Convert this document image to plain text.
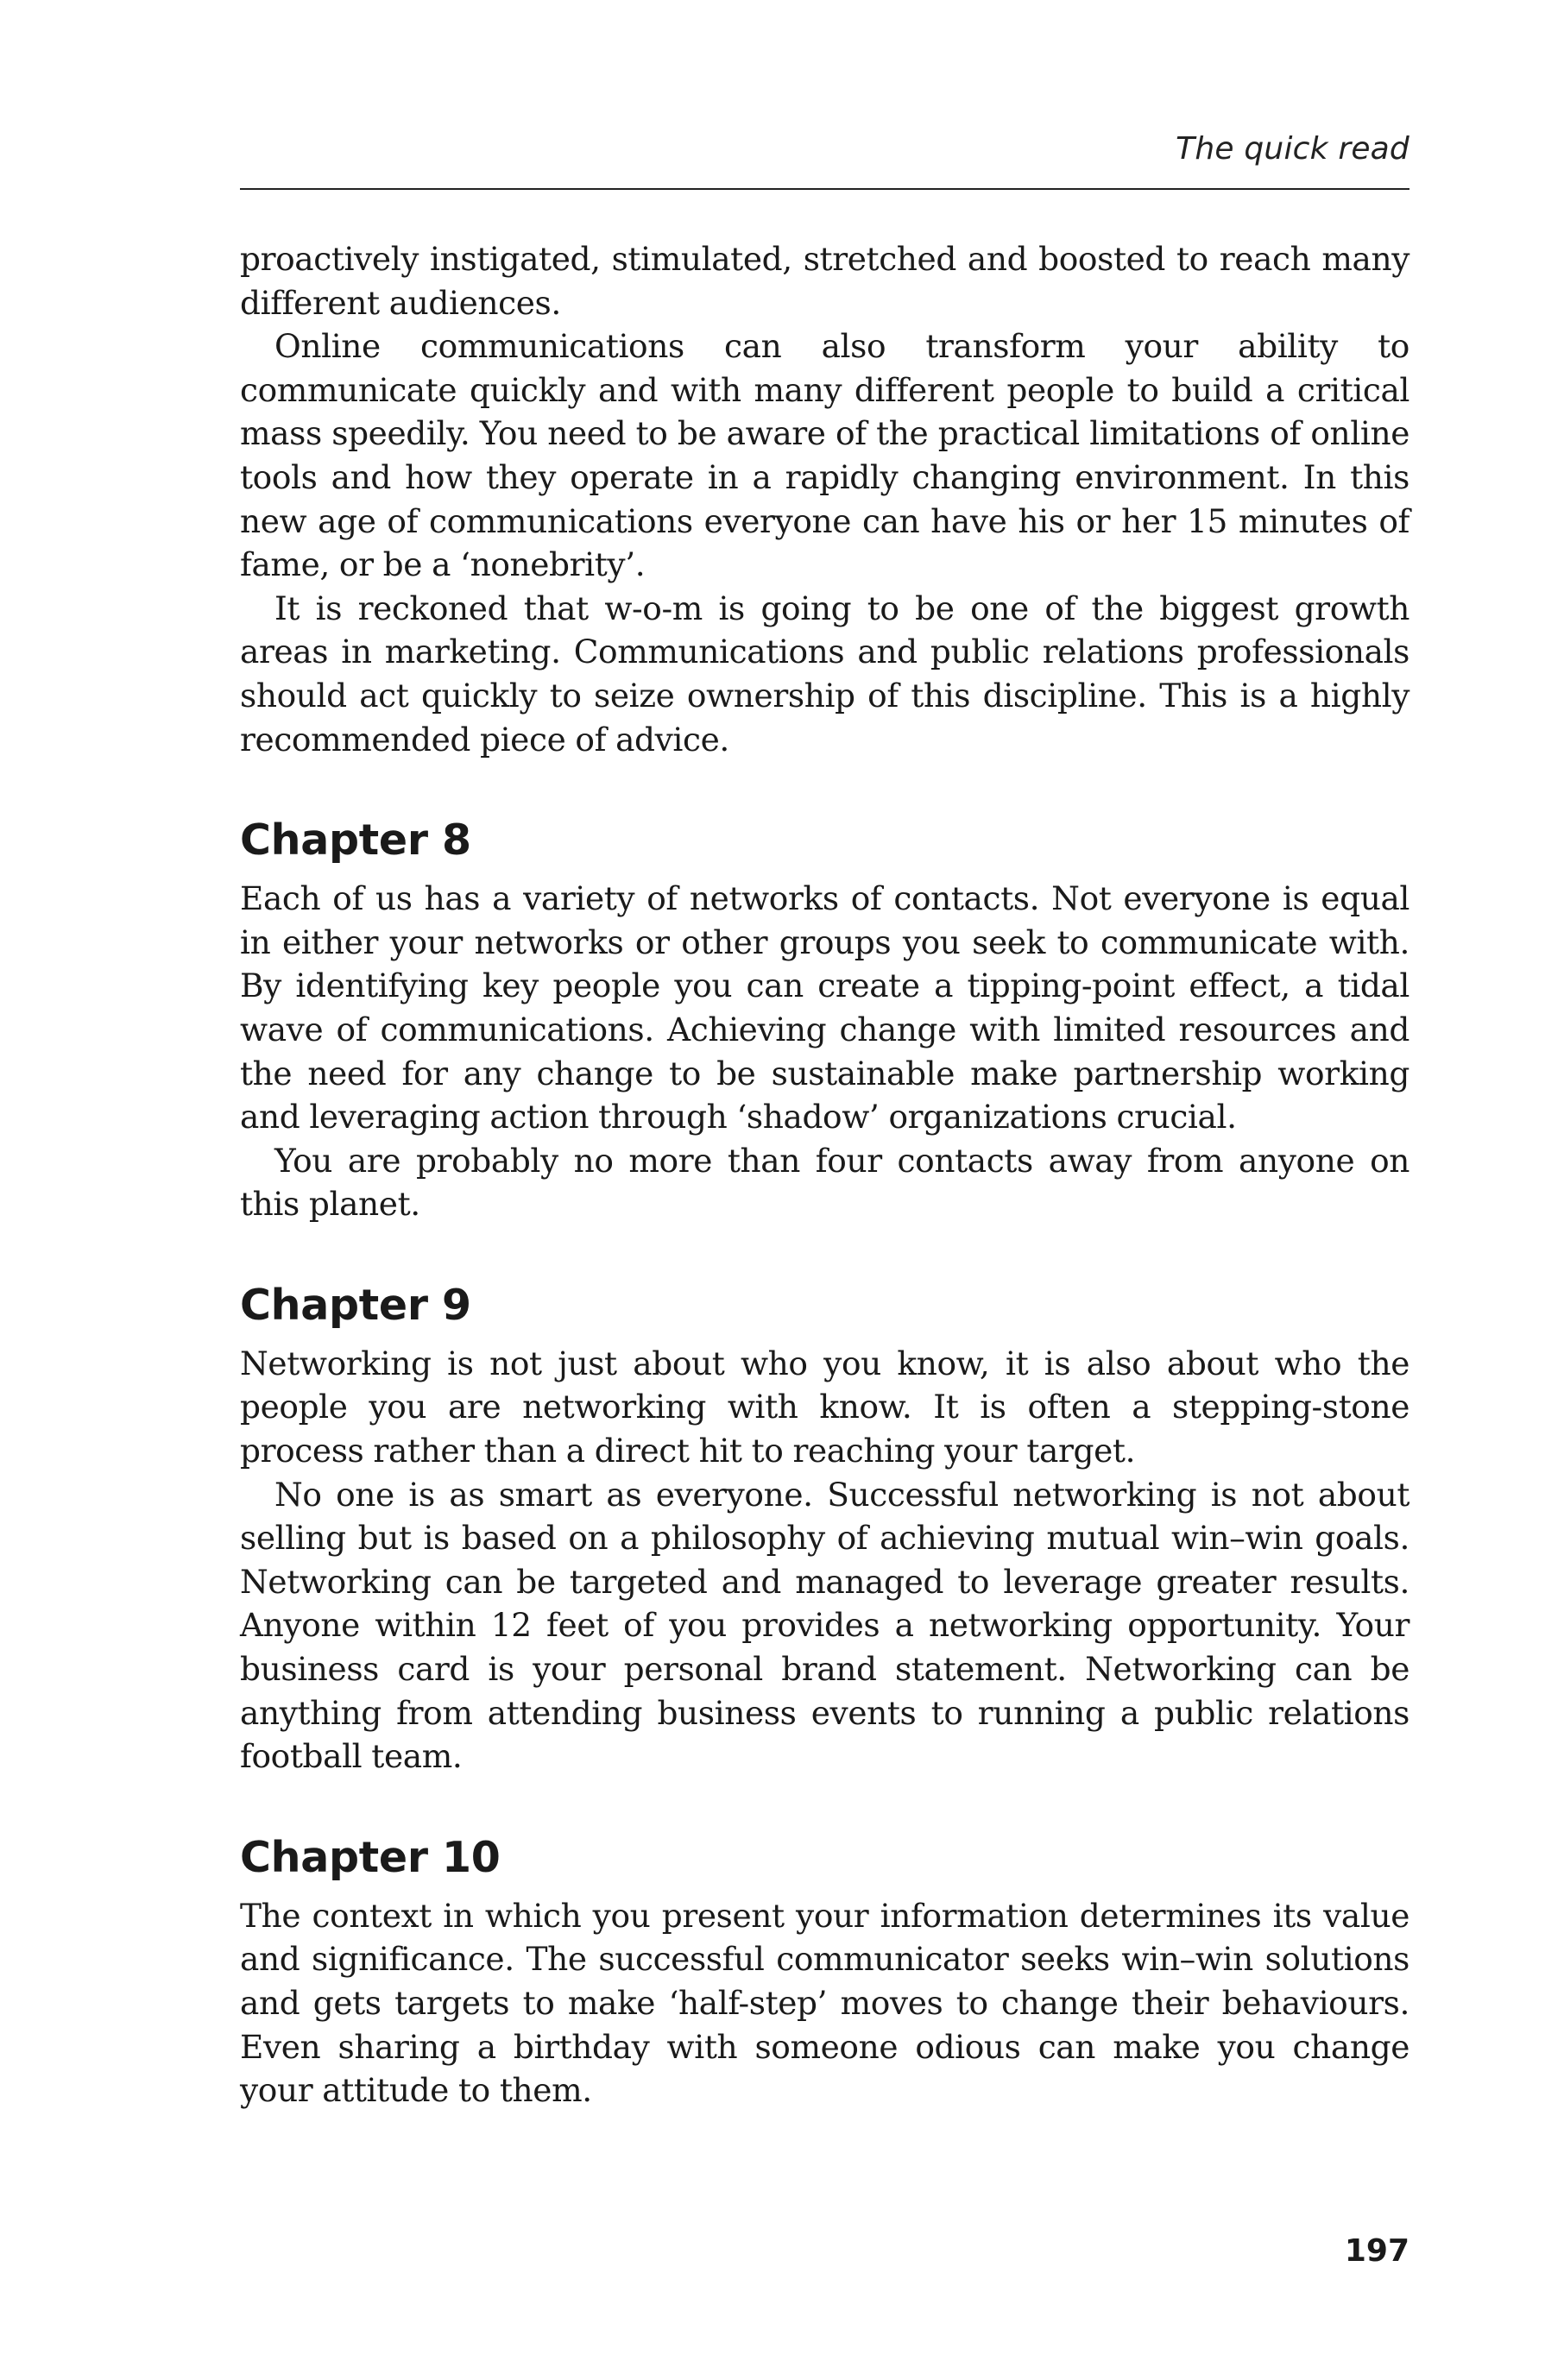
The quick read

proactively instigated, stimulated, stretched and boosted to reach many different audiences.

Online communications can also transform your ability to communicate quickly and with many different people to build a critical mass speedily. You need to be aware of the practical limitations of online tools and how they operate in a rapidly changing environment. In this new age of communications everyone can have his or her 15 minutes of fame, or be a ‘nonebrity’.

It is reckoned that w-o-m is going to be one of the biggest growth areas in marketing. Communications and public relations professionals should act quickly to seize ownership of this discipline. This is a highly recommended piece of advice.

Chapter 8

Each of us has a variety of networks of contacts. Not everyone is equal in either your networks or other groups you seek to communicate with. By identifying key people you can create a tipping-point effect, a tidal wave of communications. Achieving change with limited resources and the need for any change to be sustainable make partnership working and leveraging action through ‘shadow’ organizations crucial.

You are probably no more than four contacts away from anyone on this planet.

Chapter 9

Networking is not just about who you know, it is also about who the people you are networking with know. It is often a stepping-stone process rather than a direct hit to reaching your target.

No one is as smart as everyone. Successful networking is not about selling but is based on a philosophy of achieving mutual win–win goals. Networking can be targeted and managed to leverage greater results. Anyone within 12 feet of you provides a networking opportunity. Your business card is your personal brand statement. Networking can be anything from attending business events to running a public relations football team.

Chapter 10

The context in which you present your information determines its value and significance. The successful communicator seeks win–win solutions and gets targets to make ‘half-step’ moves to change their behaviours. Even sharing a birthday with someone odious can make you change your attitude to them.

197
